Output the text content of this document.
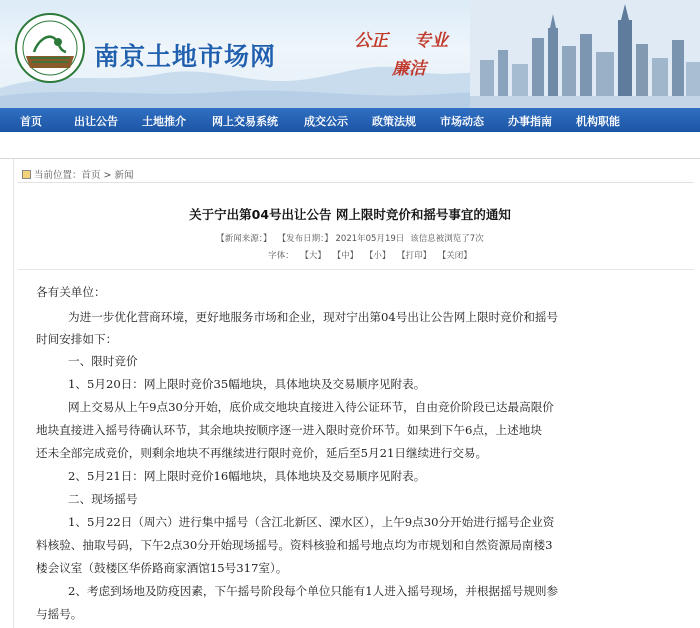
南京土地市场网
公正 专业
廉洁
首页	出让公告 土地推介 网上交易系统 成交公示 政策法规 市场动态 办事指南 机构职能
当前位置：首页 > 新闻
关于宁出第04号出让公告 网上限时竞价和摇号事宜的通知
【新闻来源：】 【发布日期：】 2021年05月19日 该信息被浏览了7次
字体： 【大】 【中】 【小】 【打印】 【关闭】
各有关单位：
为进一步优化营商环境，更好地服务市场和企业，现对宁出第04号出让公告网上限时竞价和摇号
时间安排如下：
一、限时竞价
1、5月20日：网上限时竞价35幅地块，具体地块及交易顺序见附表。
网上交易从上午9点30分开始，底价成交地块直接进入待公证环节，自由竞价阶段已达最高限价
地块直接进入摇号待确认环节，其余地块按顺序逐一进入限时竞价环节。如果到下午6点，上述地块
还未全部完成竞价，则剩余地块不再继续进行限时竞价，延后至5月21日继续进行交易。
2、5月21日：网上限时竞价16幅地块，具体地块及交易顺序见附表。
二、现场摇号
1、5月22日（周六）进行集中摇号（含江北新区、溧水区），上午9点30分开始进行摇号企业资
料核验、抽取号码，下午2点30分开始现场摇号。资料核验和摇号地点均为市规划和自然资源局南楼3
楼会议室（鼓楼区华侨路商家酒馆15号317室）。
2、考虑到场地及防疫因素，下午摇号阶段每个单位只能有1人进入摇号现场，并根据摇号规则参
与摇号。
